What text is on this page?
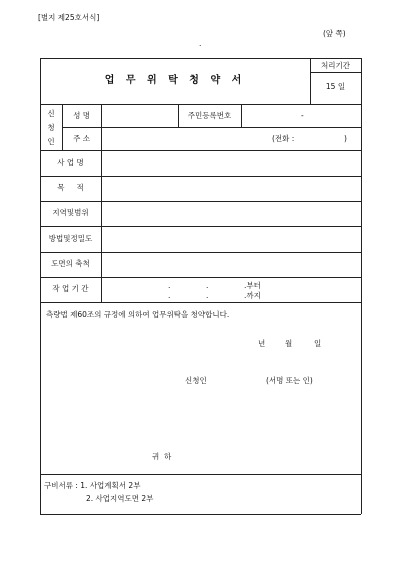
[별지 제25호서식]
(앞 쪽)
.
업 무 위 탁 청 약 서
처리기간
15 일
신
청
인
성 명	주민등록번호	-
주 소	(전화 :	)
사 업 명
목     적
지역및범위
방법및정밀도
도면의 축척
작 업 기 간	.	.	.부터
.	.	.까지
측량법 제60조의 규정에 의하여 업무위탁을 청약합니다.
년	월	일
신청인	(서명 또는 인)
귀  하
구비서류 : 1. 사업계획서 2부
2. 사업지역도면 2부
